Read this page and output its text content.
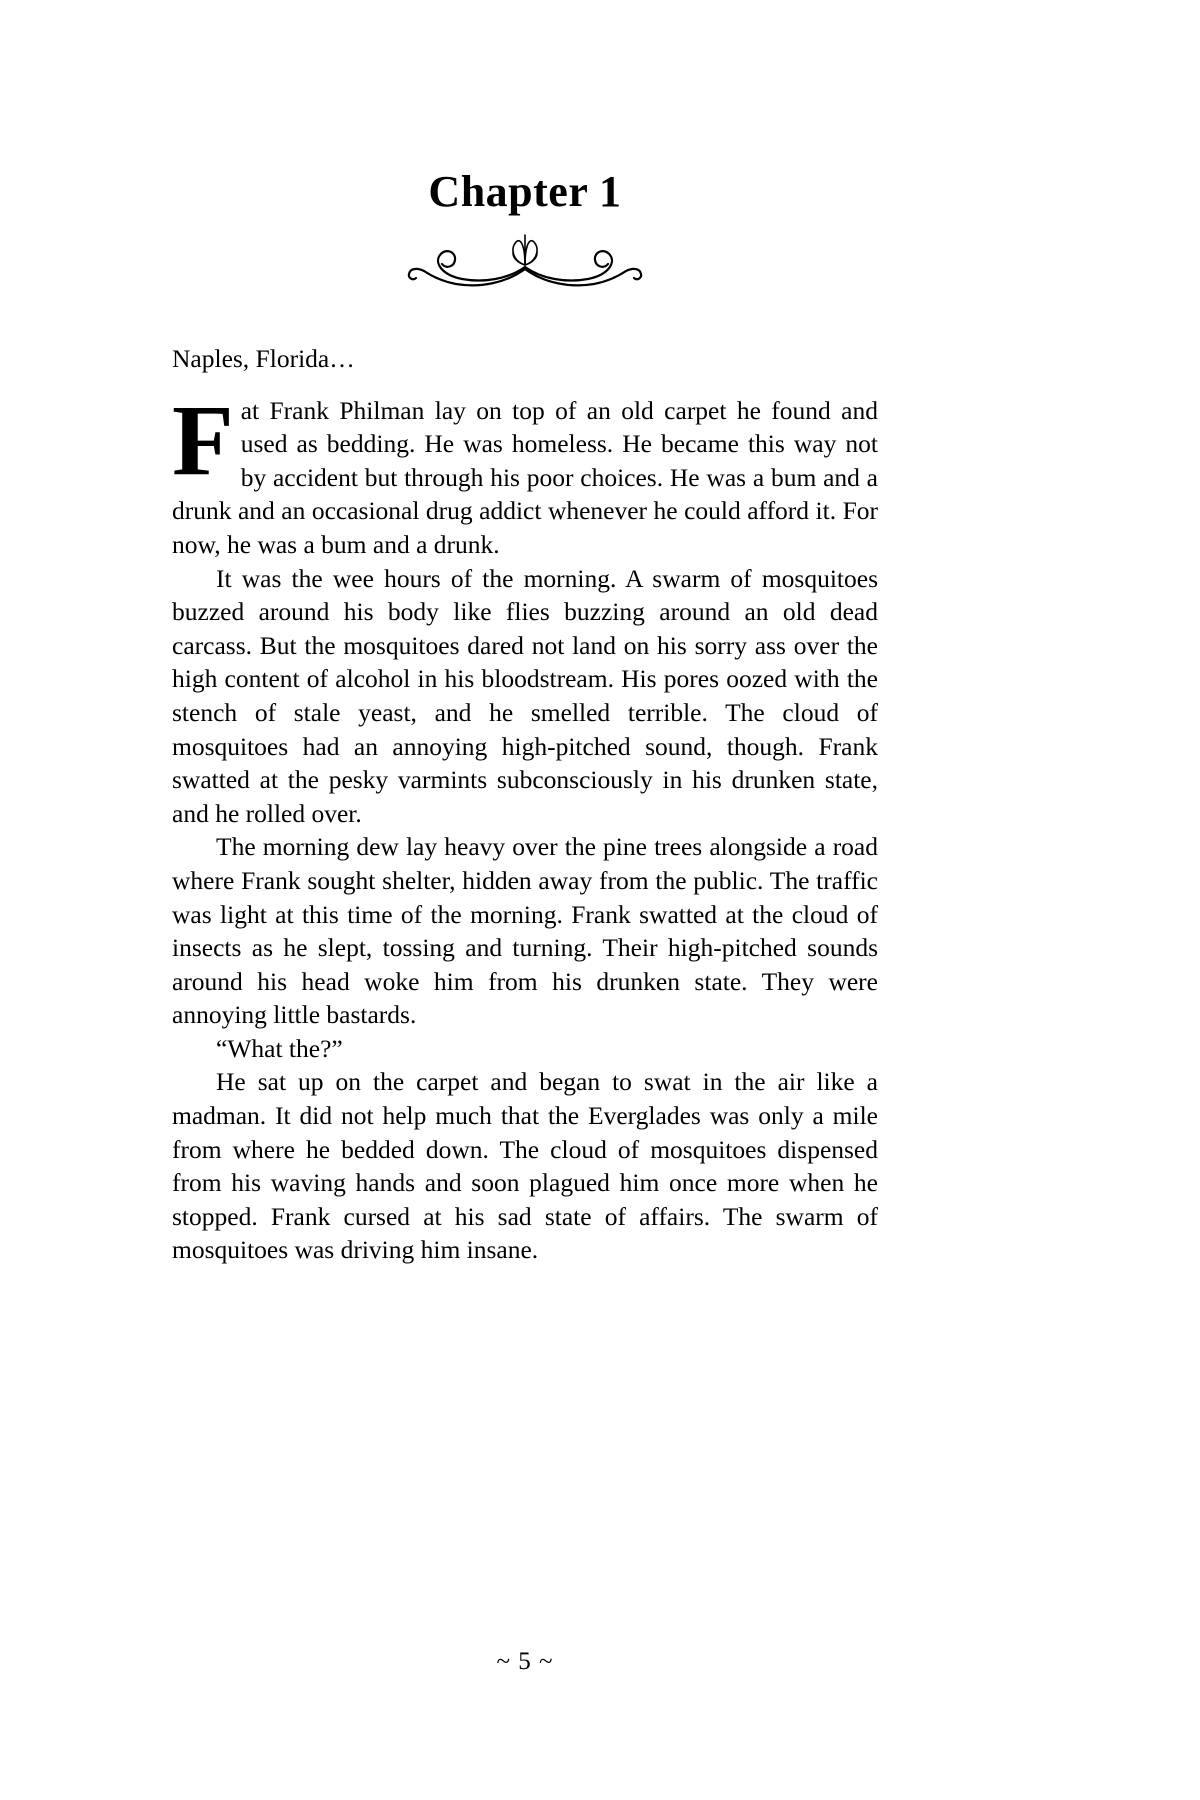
Chapter 1

Naples, Florida…

Fat Frank Philman lay on top of an old carpet he found and used as bedding. He was homeless. He became this way not by accident but through his poor choices. He was a bum and a drunk and an occasional drug addict whenever he could afford it. For now, he was a bum and a drunk.

It was the wee hours of the morning. A swarm of mosquitoes buzzed around his body like flies buzzing around an old dead carcass. But the mosquitoes dared not land on his sorry ass over the high content of alcohol in his bloodstream. His pores oozed with the stench of stale yeast, and he smelled terrible. The cloud of mosquitoes had an annoying high-pitched sound, though. Frank swatted at the pesky varmints subconsciously in his drunken state, and he rolled over.

The morning dew lay heavy over the pine trees alongside a road where Frank sought shelter, hidden away from the public. The traffic was light at this time of the morning. Frank swatted at the cloud of insects as he slept, tossing and turning. Their high-pitched sounds around his head woke him from his drunken state. They were annoying little bastards.

“What the?”

He sat up on the carpet and began to swat in the air like a madman. It did not help much that the Everglades was only a mile from where he bedded down. The cloud of mosquitoes dispensed from his waving hands and soon plagued him once more when he stopped. Frank cursed at his sad state of affairs. The swarm of mosquitoes was driving him insane.

~ 5 ~
